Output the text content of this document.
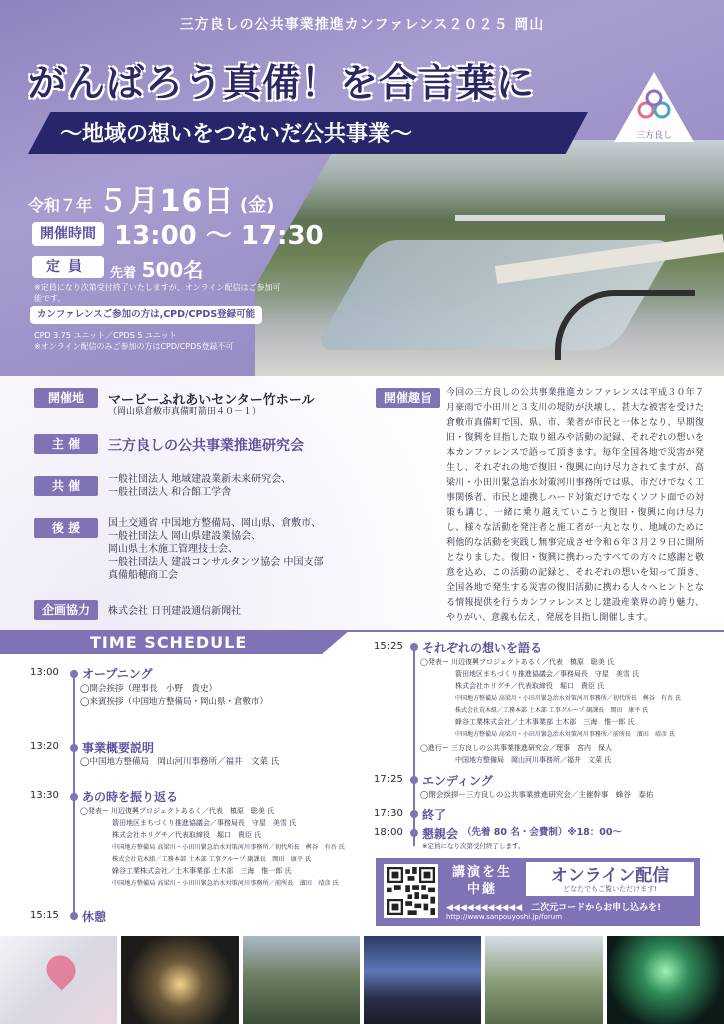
三方良しの公共事業推進カンファレンス２０２５ 岡山
がんばろう真備！を合言葉に
～地域の想いをつないだ公共事業～	三方良し
令和７年 ５月16日 (金)
開催時間 13:00 ～ 17:30
定員	先着 500名
※定員になり次第受付終了いたしますが、オンライン配信はご参加可能です。
カンファレンスご参加の方は,CPD/CPDS登録可能
CPD 3.75 ユニット／CPDS 5 ユニット
※オンライン配信のみご参加の方はCPD/CPDS登録不可
開催地	マービーふれあいセンター竹ホール
（岡山県倉敷市真備町箭田４０－１）
主 催	三方良しの公共事業推進研究会
共 催	一般社団法人 地域建設業新未来研究会、
一般社団法人 和合館工学舎
後 援	国土交通省 中国地方整備局、岡山県、倉敷市、
一般社団法人 岡山県建設業協会、
岡山県土木施工管理技士会、
一般社団法人 建設コンサルタンツ協会 中国支部
真備船穂商工会
企画協力	株式会社 日刊建設通信新聞社
開催趣旨	今回の三方良しの公共事業推進カンファレンスは平成３０年７月豪雨で小田川と３支川の堤防が決壊し、甚大な被害を受けた倉敷市真備町で国、県、市、業者が市民と一体となり、早期復旧・復興を目指した取り組みや活動の記録、それぞれの想いを本カンファレンスで語って頂きます。毎年全国各地で災害が発生し、それぞれの地で復旧・復興に向け尽力されてますが、高梁川・小田川緊急治水対策河川事務所では県、市だけでなく工事関係者、市民と連携しハード対策だけでなくソフト面での対策も講じ、一緒に乗り越えていこうと復旧・復興に向け尽力し、様々な活動を発注者と施工者が一丸となり、地域のために利他的な活動を実践し無事完成させ令和６年３月２９日に開所となりました。復旧・復興に携わったすべての方々に感謝と敬意を込め、この活動の記録と、それぞれの想いを知って頂き、全国各地で発生する災害の復旧活動に携わる人々へヒントとなる情報提供を行うカンファレンスとし建設産業界の誇り魅力、やりがい、意義も伝え、発展を目指し開催します。
TIME SCHEDULE
13:00 オープニング
◯開会挨拶（理事長　小野　貴史）
◯来賓挨拶（中国地方整備局・岡山県・倉敷市）
13:20 事業概要説明
◯中国地方整備局　岡山河川事務所／福井　文菜 氏
13:30 あの時を振り返る
◯発表ー 川辺復興プロジェクトあるく／代表　槙原　聡美 氏
箭田地区まちづくり推進協議会／事務局長　守屋　美雪 氏
株式会社ホリグチ／代表取締役　堀口　貴臣 氏
中国地方整備局 高梁川・小田川緊急治水対策河川事務所／初代所長　桝谷　有吾 氏
株式会社荒木組／工務本部 土木部 工事グループ 副課長　岡田　康平 氏
蜂谷工業株式会社／土木事業部 土木部　三海　惟一郎 氏
中国地方整備局 高梁川・小田川緊急治水対策河川事務所／前所長　濱田　靖彦 氏
15:15 休憩
15:25 それぞれの想いを語る
◯発表ー 川辺復興プロジェクトあるく／代表　槙原　聡美 氏
箭田地区まちづくり推進協議会／事務局長　守屋　美雪 氏
株式会社ホリグチ／代表取締役　堀口　貴臣 氏
中国地方整備局 高梁川・小田川緊急治水対策河川事務所／初代所長　桝谷　有吾 氏
株式会社荒木組／工務本部 土木部 工事グループ 副課長　岡田　康平 氏
蜂谷工業株式会社／土木事業部 土木部　三海　惟一郎 氏
中国地方整備局 高梁川・小田川緊急治水対策河川事務所／前所長　濱田　靖彦 氏
◯進行ー 三方良しの公共事業推進研究会／理事　宮内　保人
中国地方整備局　岡山河川事務所／福井　文菜 氏
17:25 エンディング
◯閉会挨拶ー三方良しの公共事業推進研究会／主催幹事　蜂谷　泰佑
17:30 終了
18:00 懇親会 （先着 80 名・会費制）※18：00～
※定員になり次第受付終了します。
講演を生中継
オンライン配信
どなたでもご覧いただけます!
◀◀◀◀◀◀◀◀◀◀◀　二次元コードからお申し込みを!
http://www.sanpouyoshi.jp/forum
